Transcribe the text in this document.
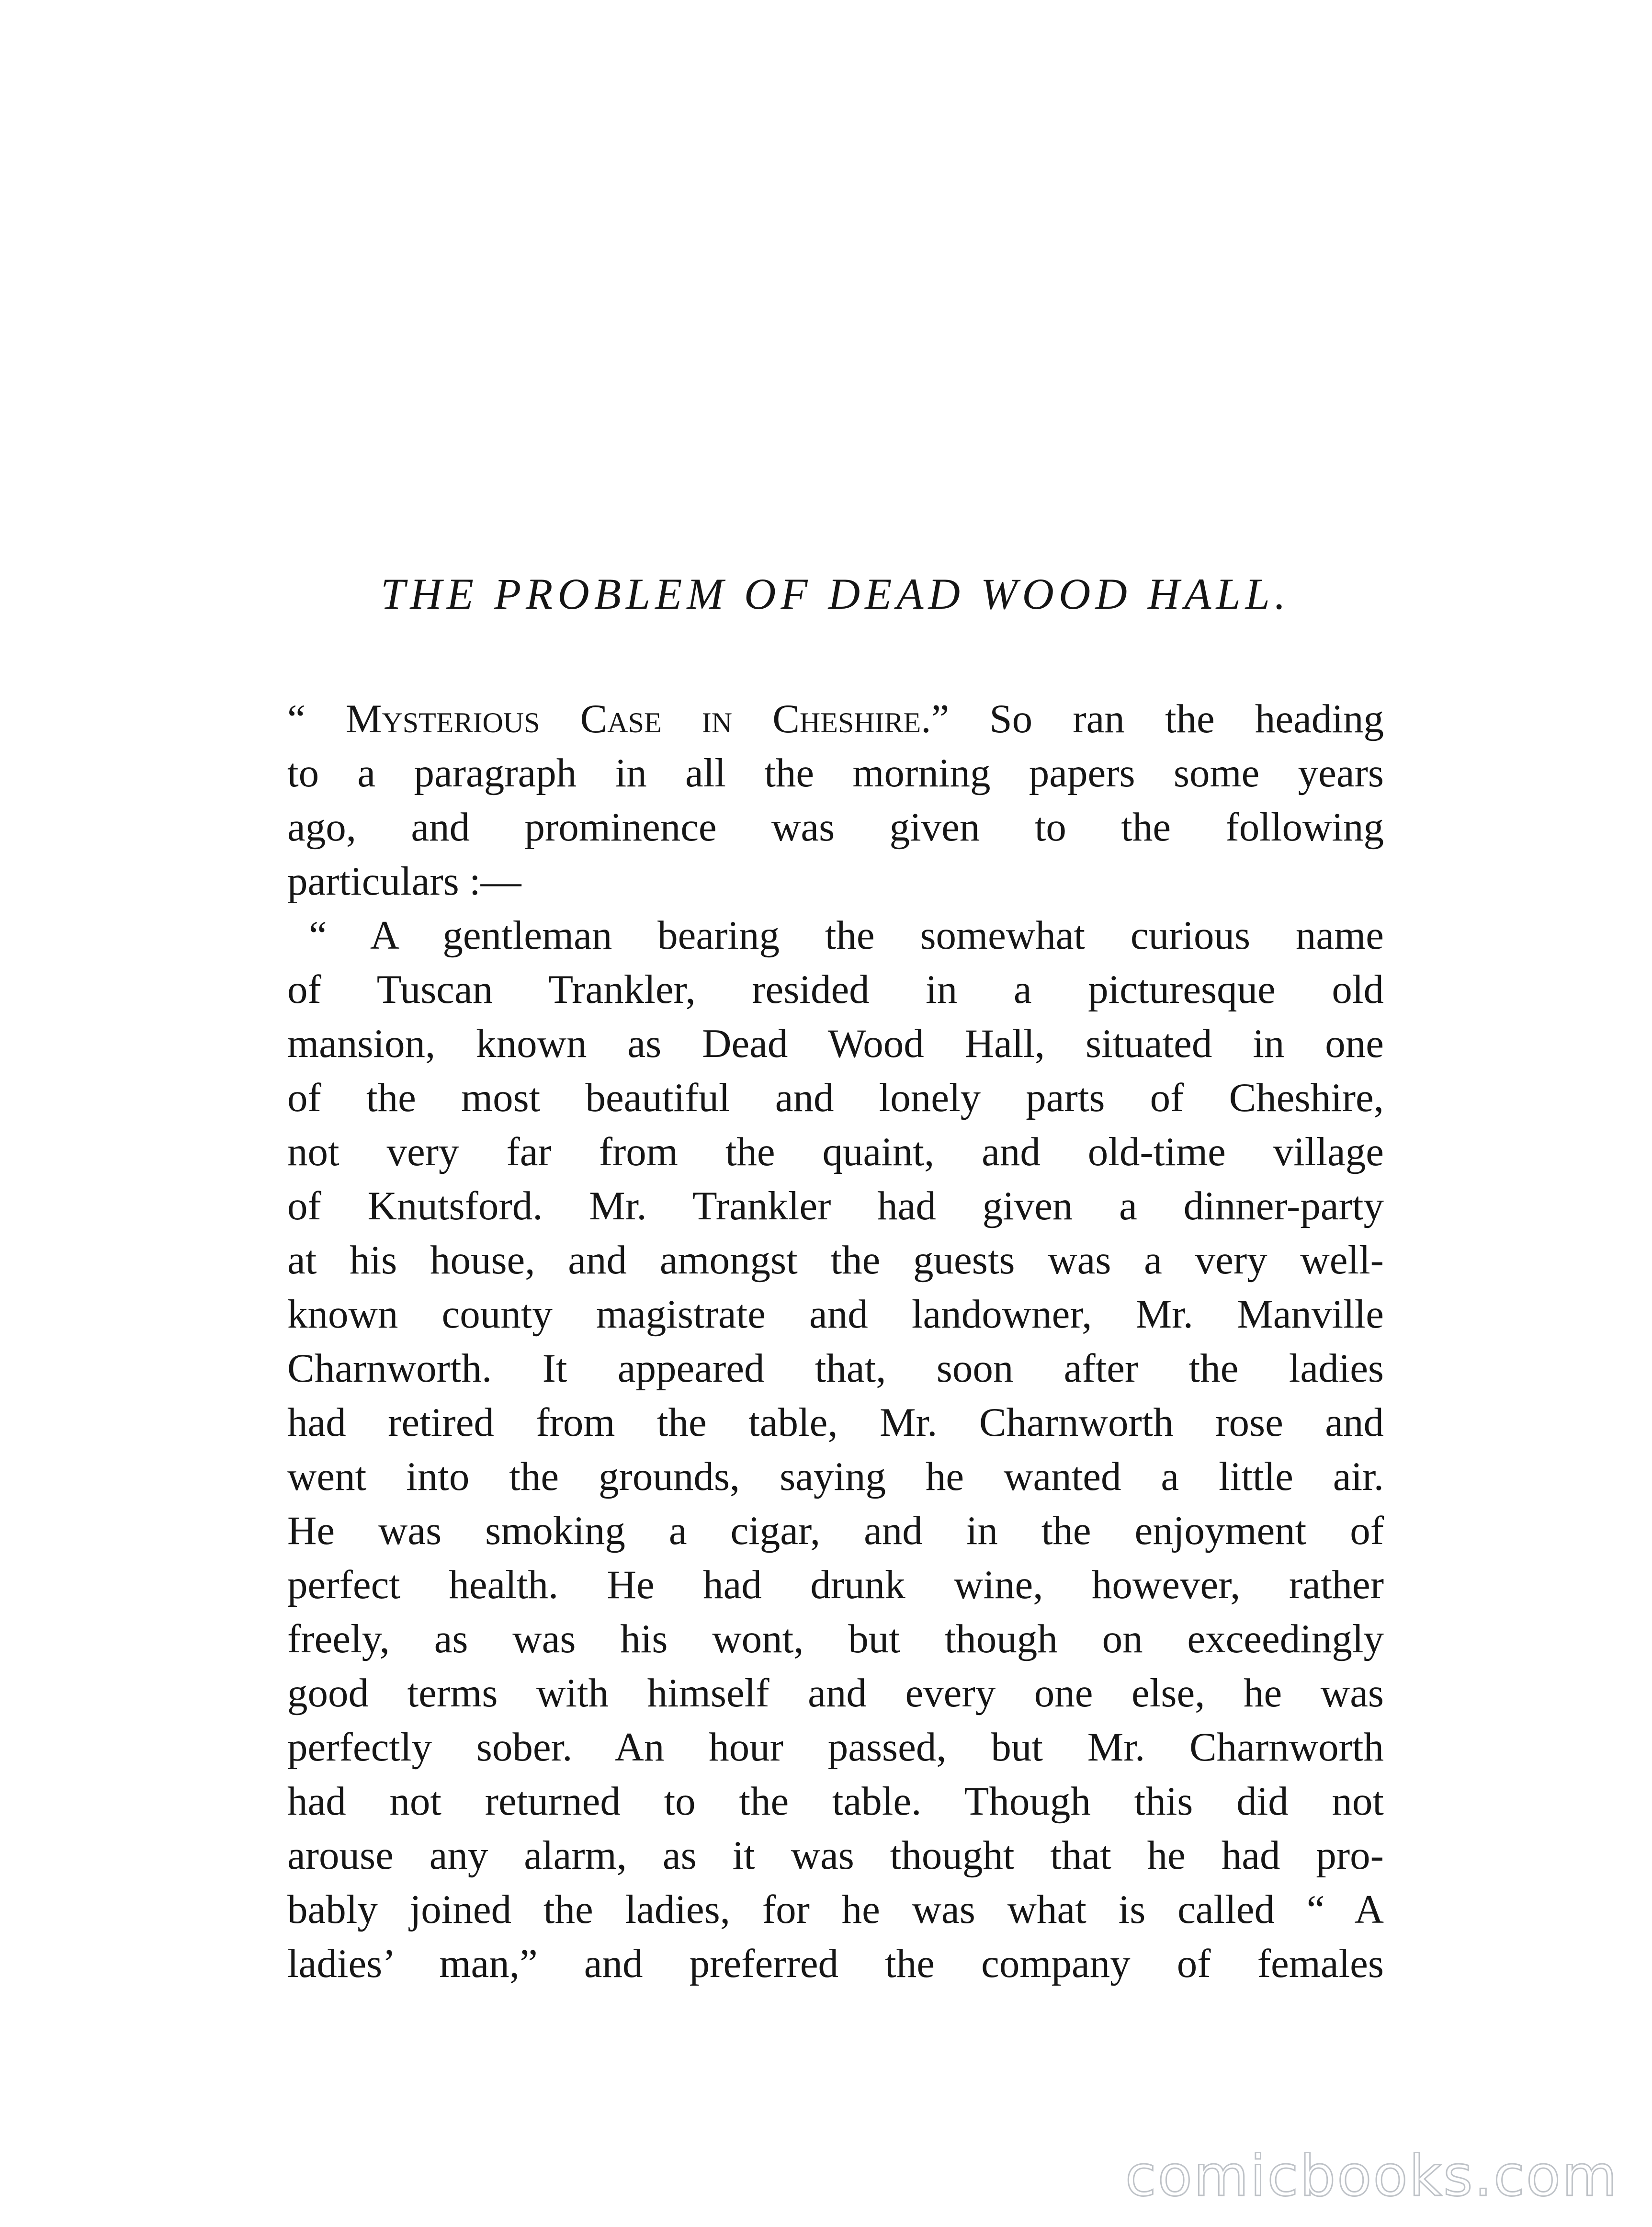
THE PROBLEM OF DEAD WOOD HALL.
“ Mysterious Case in Cheshire.” So ran the heading
to a paragraph in all the morning papers some years
ago, and prominence was given to the following
particulars :—
“ A gentleman bearing the somewhat curious name
of Tuscan Trankler, resided in a picturesque old
mansion, known as Dead Wood Hall, situated in one
of the most beautiful and lonely parts of Cheshire,
not very far from the quaint, and old-time village
of Knutsford. Mr. Trankler had given a dinner-party
at his house, and amongst the guests was a very well-
known county magistrate and landowner, Mr. Manville
Charnworth. It appeared that, soon after the ladies
had retired from the table, Mr. Charnworth rose and
went into the grounds, saying he wanted a little air.
He was smoking a cigar, and in the enjoyment of
perfect health. He had drunk wine, however, rather
freely, as was his wont, but though on exceedingly
good terms with himself and every one else, he was
perfectly sober. An hour passed, but Mr. Charnworth
had not returned to the table. Though this did not
arouse any alarm, as it was thought that he had pro-
bably joined the ladies, for he was what is called “ A
ladies’ man,” and preferred the company of females
comicbooks.com
